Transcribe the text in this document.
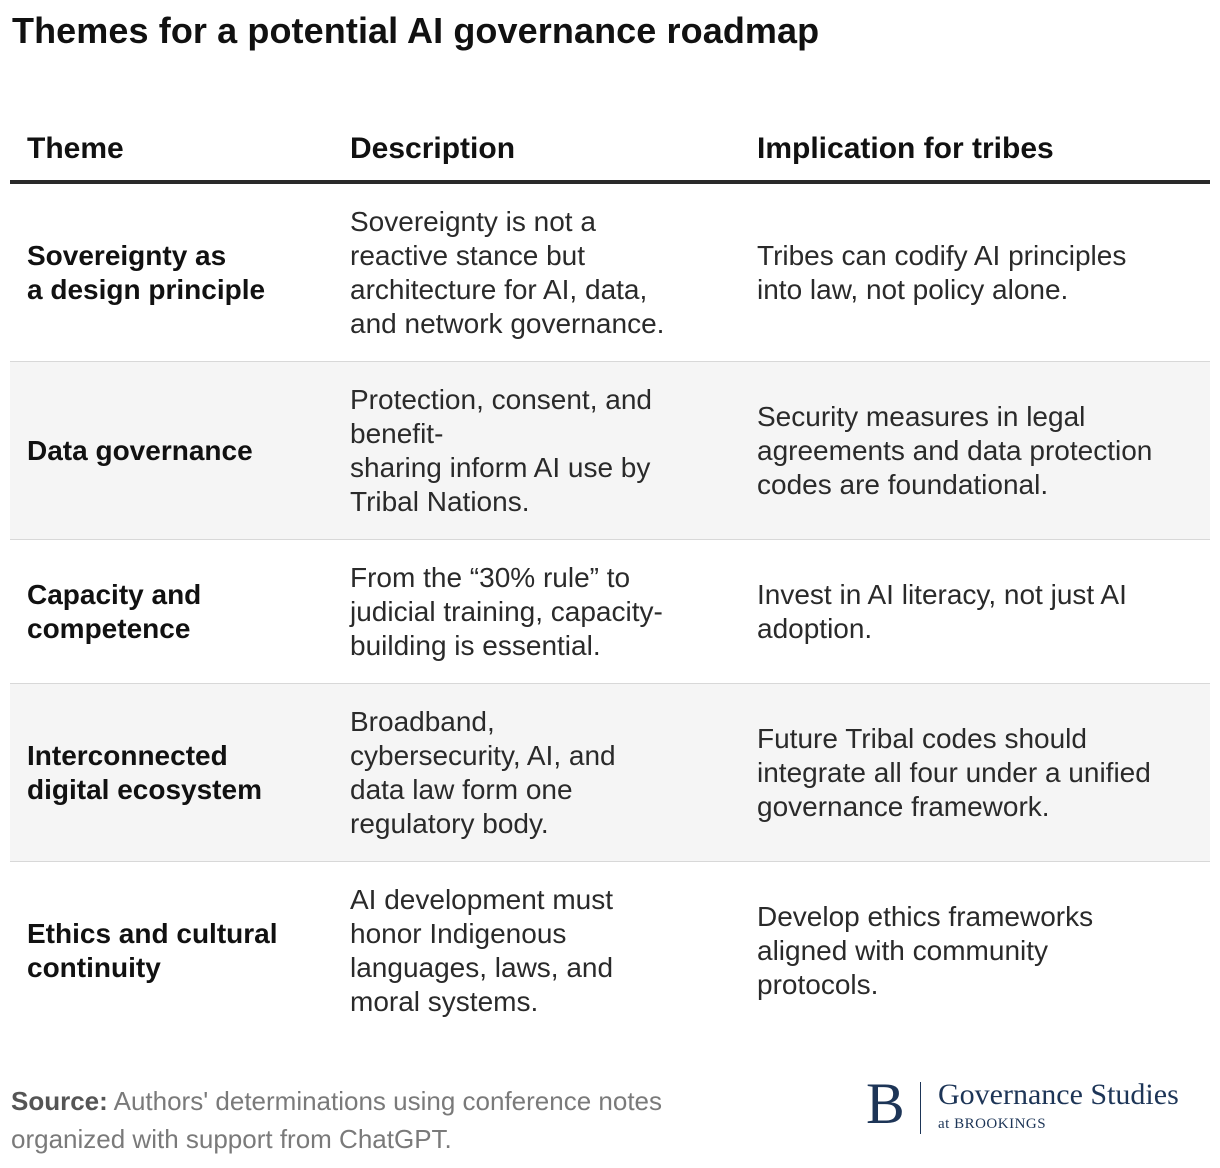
Themes for a potential AI governance roadmap
Theme	Description	Implication for tribes
Sovereignty as
a design principle
Sovereignty is not a
reactive stance but
architecture for AI, data,
and network governance.
Tribes can codify AI principles
into law, not policy alone.
Data governance
Protection, consent, and
benefit-
sharing inform AI use by
Tribal Nations.
Security measures in legal
agreements and data protection
codes are foundational.
Capacity and
competence
From the “30% rule” to
judicial training, capacity-
building is essential.
Invest in AI literacy, not just AI
adoption.
Interconnected
digital ecosystem
Broadband,
cybersecurity, AI, and
data law form one
regulatory body.
Future Tribal codes should
integrate all four under a unified
governance framework.
Ethics and cultural
continuity
AI development must
honor Indigenous
languages, laws, and
moral systems.
Develop ethics frameworks
aligned with community
protocols.
Source: Authors' determinations using conference notes organized with support from ChatGPT.
B Governance Studies
at BROOKINGS
